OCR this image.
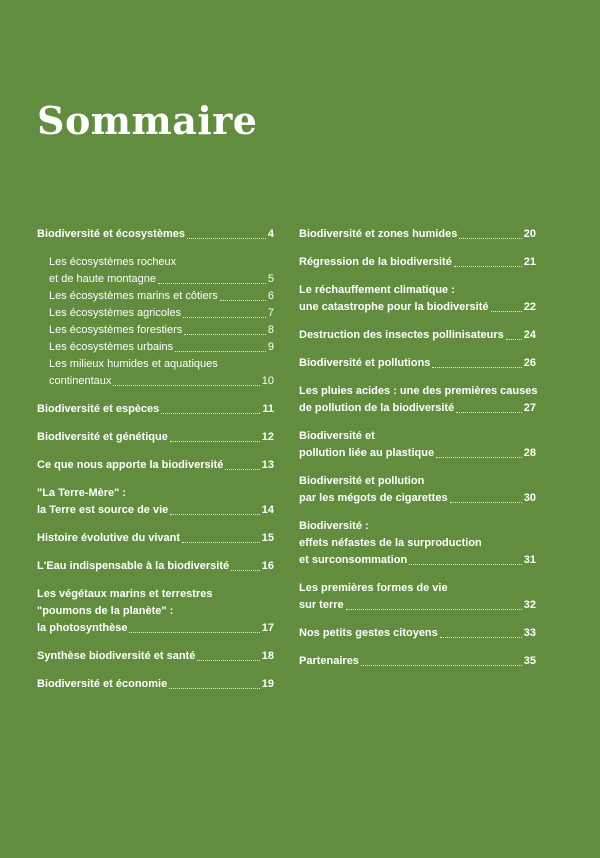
Sommaire
Biodiversité et écosystèmes	4
Les écosystèmes rocheux
et de haute montagne	5
Les écosystèmes marins et côtiers	6
Les écosystèmes agricoles	7
Les écosystèmes forestiers	8
Les écosystèmes urbains	9
Les milieux humides et aquatiques
continentaux	10
Biodiversité et espèces	11
Biodiversité et génétique	12
Ce que nous apporte la biodiversité	13
"La Terre-Mère" :
la Terre est source de vie	14
Histoire évolutive du vivant	15
L'Eau indispensable à la biodiversité	16
Les végétaux marins et terrestres
"poumons de la planète" :
la photosynthèse	17
Synthèse biodiversité et santé	18
Biodiversité et économie	19
Biodiversité et zones humides	20
Régression de la biodiversité	21
Le réchauffement climatique :
une catastrophe pour la biodiversité	22
Destruction des insectes pollinisateurs 24
Biodiversité et pollutions	26
Les pluies acides : une des premières causes
de pollution de la biodiversité	27
Biodiversité et
pollution liée au plastique	28
Biodiversité et pollution
par les mégots de cigarettes	30
Biodiversité :
effets néfastes de la surproduction
et surconsommation	31
Les premières formes de vie
sur terre	32
Nos petits gestes citoyens	33
Partenaires	35
